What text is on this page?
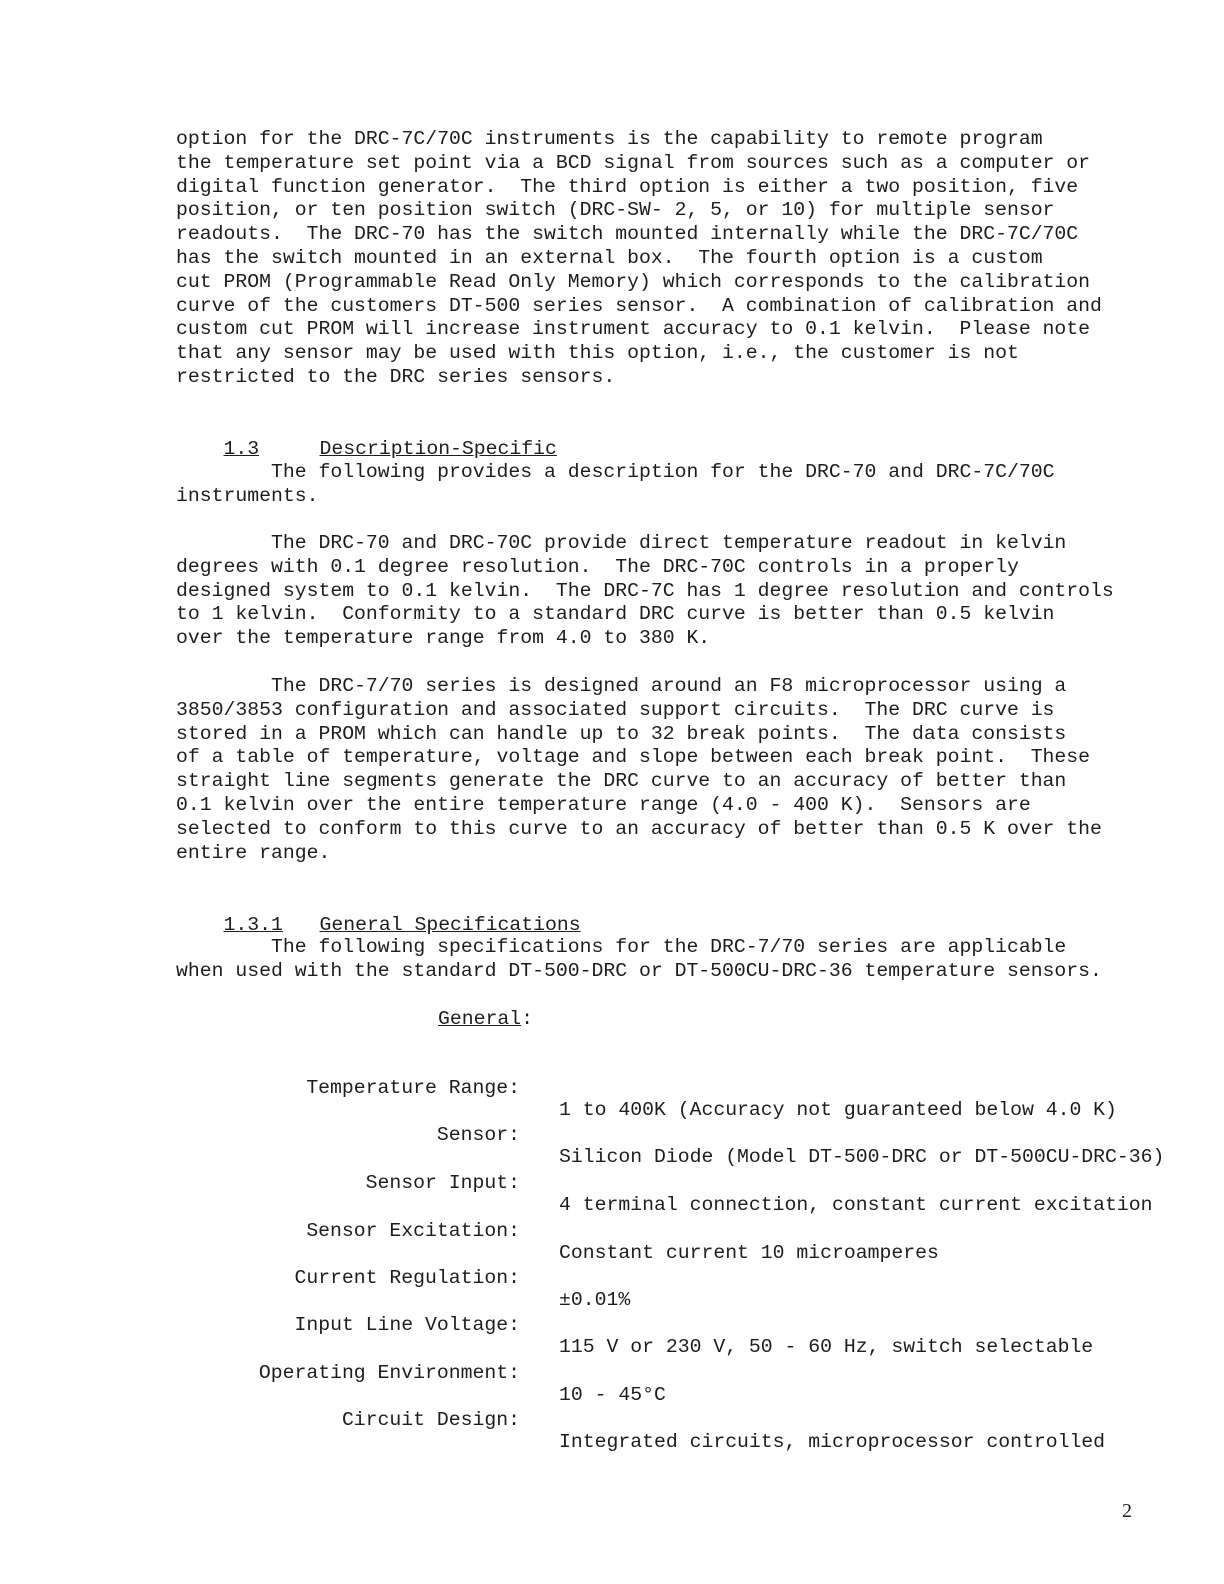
option for the DRC-7C/70C instruments is the capability to remote program
the temperature set point via a BCD signal from sources such as a computer or
digital function generator.  The third option is either a two position, five
position, or ten position switch (DRC-SW- 2, 5, or 10) for multiple sensor
readouts.  The DRC-70 has the switch mounted internally while the DRC-7C/70C
has the switch mounted in an external box.  The fourth option is a custom
cut PROM (Programmable Read Only Memory) which corresponds to the calibration
curve of the customers DT-500 series sensor.  A combination of calibration and
custom cut PROM will increase instrument accuracy to 0.1 kelvin.  Please note
that any sensor may be used with this option, i.e., the customer is not
restricted to the DRC series sensors.

1.3	Description-Specific

The following provides a description for the DRC-70 and DRC-7C/70C
instruments.

The DRC-70 and DRC-70C provide direct temperature readout in kelvin
degrees with 0.1 degree resolution.  The DRC-70C controls in a properly
designed system to 0.1 kelvin.  The DRC-7C has 1 degree resolution and controls
to 1 kelvin.  Conformity to a standard DRC curve is better than 0.5 kelvin
over the temperature range from 4.0 to 380 K.

The DRC-7/70 series is designed around an F8 microprocessor using a
3850/3853 configuration and associated support circuits.  The DRC curve is
stored in a PROM which can handle up to 32 break points.  The data consists
of a table of temperature, voltage and slope between each break point.  These
straight line segments generate the DRC curve to an accuracy of better than
0.1 kelvin over the entire temperature range (4.0 - 400 K).  Sensors are
selected to conform to this curve to an accuracy of better than 0.5 K over the
entire range.

1.3.1 General Specifications

The following specifications for the DRC-7/70 series are applicable
when used with the standard DT-500-DRC or DT-500CU-DRC-36 temperature sensors.

General:

Temperature Range:

1 to 400K (Accuracy not guaranteed below 4.0 K)

Sensor:

Silicon Diode (Model DT-500-DRC or DT-500CU-DRC-36)

Sensor Input:

4 terminal connection, constant current excitation

Sensor Excitation:

Constant current 10 microamperes

Current Regulation:

±0.01%

Input Line Voltage:

115 V or 230 V, 50 - 60 Hz, switch selectable

Operating Environment:

10 - 45°C

Circuit Design:

Integrated circuits, microprocessor controlled

2
